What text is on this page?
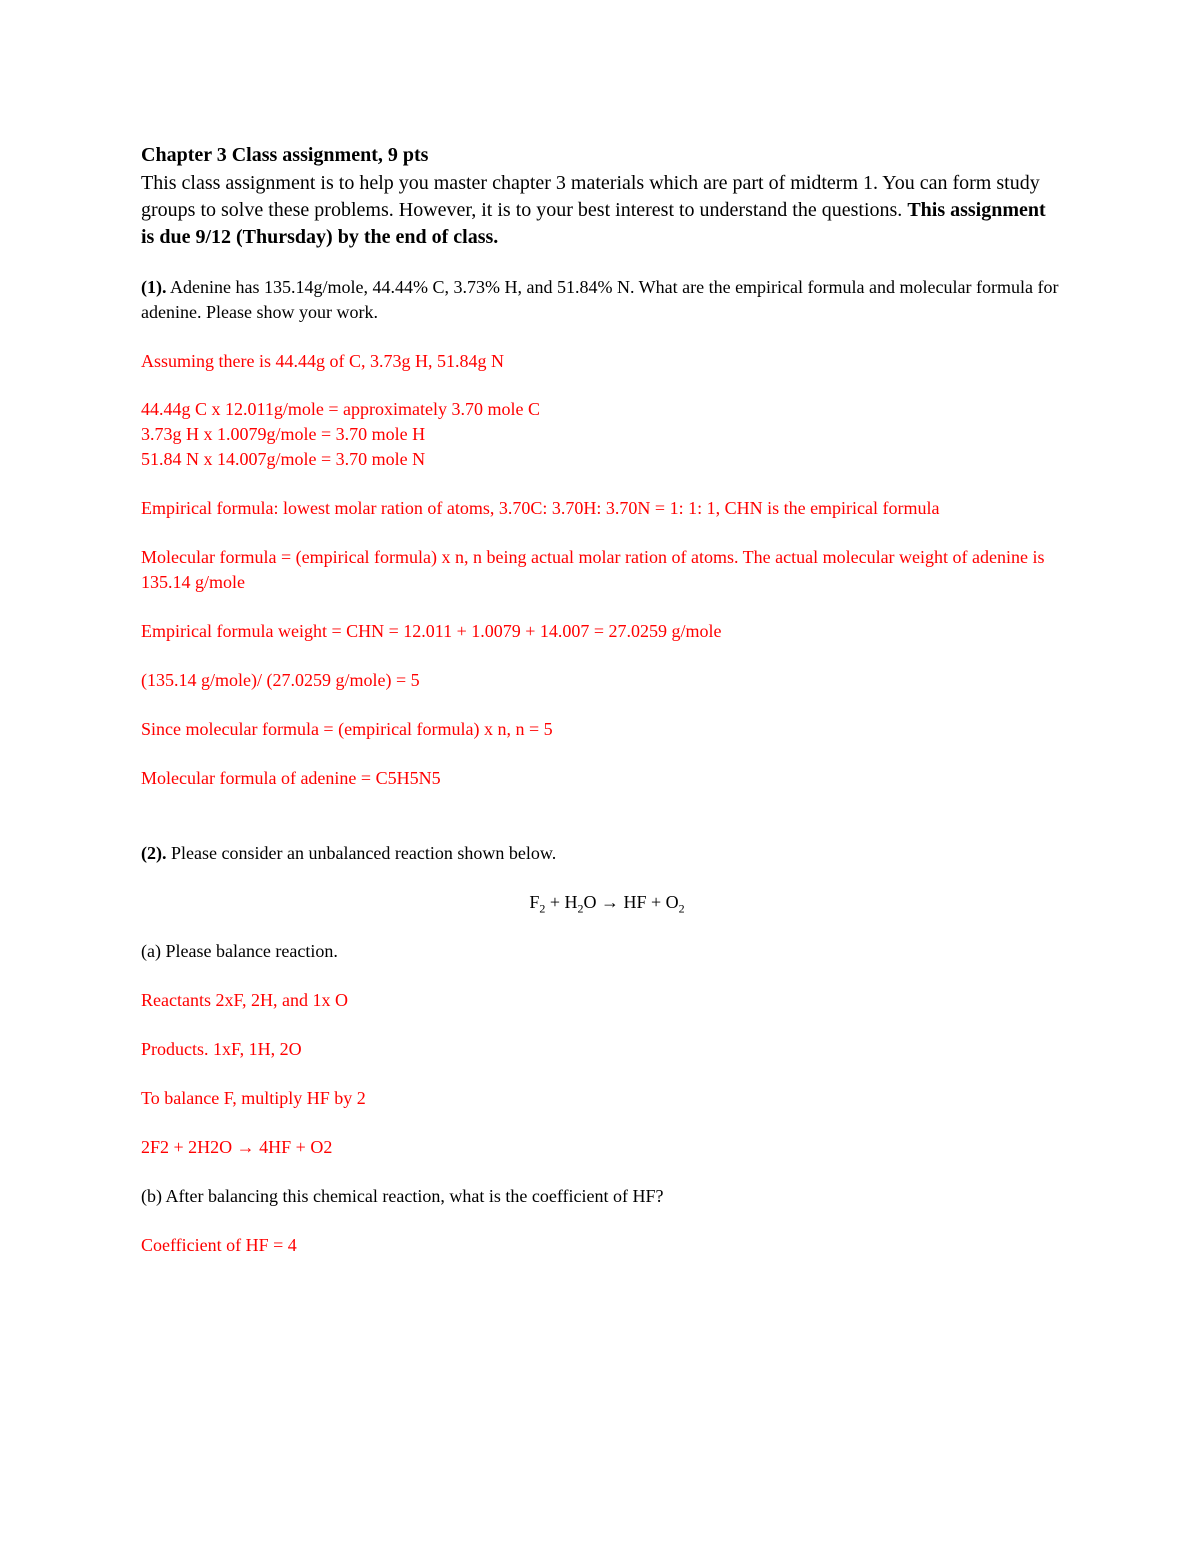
Chapter 3 Class assignment, 9 pts

This class assignment is to help you master chapter 3 materials which are part of midterm 1. You can form study groups to solve these problems. However, it is to your best interest to understand the questions. This assignment is due 9/12 (Thursday) by the end of class.

(1). Adenine has 135.14g/mole, 44.44% C, 3.73% H, and 51.84% N. What are the empirical formula and molecular formula for adenine. Please show your work.

Assuming there is 44.44g of C, 3.73g H, 51.84g N

44.44g C x 12.011g/mole = approximately 3.70 mole C

3.73g H x 1.0079g/mole = 3.70 mole H

51.84 N x 14.007g/mole = 3.70 mole N

Empirical formula: lowest molar ration of atoms, 3.70C: 3.70H: 3.70N = 1: 1: 1, CHN is the empirical formula

Molecular formula = (empirical formula) x n, n being actual molar ration of atoms. The actual molecular weight of adenine is 135.14 g/mole

Empirical formula weight = CHN = 12.011 + 1.0079 + 14.007 = 27.0259 g/mole

(135.14 g/mole)/ (27.0259 g/mole) = 5

Since molecular formula = (empirical formula) x n, n = 5

Molecular formula of adenine = C5H5N5

(2). Please consider an unbalanced reaction shown below.

$F_2 + H_2O$ → HF + $O_2$

(a) Please balance reaction.

Reactants 2xF, 2H, and 1x O

Products. 1xF, 1H, 2O

To balance F, multiply HF by 2

2F2 + 2H2O → 4HF + O2

(b) After balancing this chemical reaction, what is the coefficient of HF?

Coefficient of HF = 4
